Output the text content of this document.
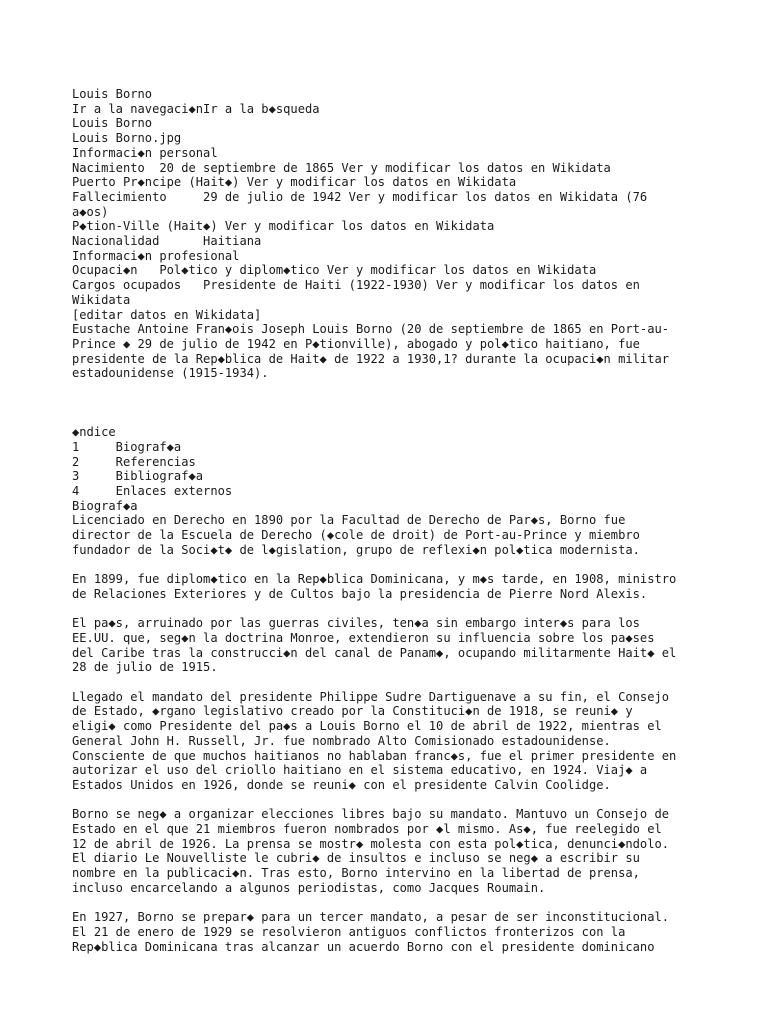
Louis Borno

Ir a la navegaci◆nIr a la b◆squeda

Louis Borno

Louis Borno.jpg

Informaci◆n personal

Nacimiento  20 de septiembre de 1865 Ver y modificar los datos en Wikidata

Puerto Pr◆ncipe (Hait◆) Ver y modificar los datos en Wikidata

Fallecimiento     29 de julio de 1942 Ver y modificar los datos en Wikidata (76

a◆os)

P◆tion-Ville (Hait◆) Ver y modificar los datos en Wikidata

Nacionalidad      Haitiana

Informaci◆n profesional

Ocupaci◆n   Pol◆tico y diplom◆tico Ver y modificar los datos en Wikidata

Cargos ocupados   Presidente de Haiti (1922-1930) Ver y modificar los datos en

Wikidata

[editar datos en Wikidata]

Eustache Antoine Fran◆ois Joseph Louis Borno (20 de septiembre de 1865 en Port-au-

Prince ◆ 29 de julio de 1942 en P◆tionville), abogado y pol◆tico haitiano, fue

presidente de la Rep◆blica de Hait◆ de 1922 a 1930,1? durante la ocupaci◆n militar

estadounidense (1915-1934).

◆ndice

1     Biograf◆a

2     Referencias

3     Bibliograf◆a

4     Enlaces externos

Biograf◆a

Licenciado en Derecho en 1890 por la Facultad de Derecho de Par◆s, Borno fue

director de la Escuela de Derecho (◆cole de droit) de Port-au-Prince y miembro

fundador de la Soci◆t◆ de l◆gislation, grupo de reflexi◆n pol◆tica modernista.

En 1899, fue diplom◆tico en la Rep◆blica Dominicana, y m◆s tarde, en 1908, ministro

de Relaciones Exteriores y de Cultos bajo la presidencia de Pierre Nord Alexis.

El pa◆s, arruinado por las guerras civiles, ten◆a sin embargo inter◆s para los

EE.UU. que, seg◆n la doctrina Monroe, extendieron su influencia sobre los pa◆ses

del Caribe tras la construcci◆n del canal de Panam◆, ocupando militarmente Hait◆ el

28 de julio de 1915.

Llegado el mandato del presidente Philippe Sudre Dartiguenave a su fin, el Consejo

de Estado, ◆rgano legislativo creado por la Constituci◆n de 1918, se reuni◆ y

eligi◆ como Presidente del pa◆s a Louis Borno el 10 de abril de 1922, mientras el

General John H. Russell, Jr. fue nombrado Alto Comisionado estadounidense.

Consciente de que muchos haitianos no hablaban franc◆s, fue el primer presidente en

autorizar el uso del criollo haitiano en el sistema educativo, en 1924. Viaj◆ a

Estados Unidos en 1926, donde se reuni◆ con el presidente Calvin Coolidge.

Borno se neg◆ a organizar elecciones libres bajo su mandato. Mantuvo un Consejo de

Estado en el que 21 miembros fueron nombrados por ◆l mismo. As◆, fue reelegido el

12 de abril de 1926. La prensa se mostr◆ molesta con esta pol◆tica, denunci◆ndolo.

El diario Le Nouvelliste le cubri◆ de insultos e incluso se neg◆ a escribir su

nombre en la publicaci◆n. Tras esto, Borno intervino en la libertad de prensa,

incluso encarcelando a algunos periodistas, como Jacques Roumain.

En 1927, Borno se prepar◆ para un tercer mandato, a pesar de ser inconstitucional.

El 21 de enero de 1929 se resolvieron antiguos conflictos fronterizos con la

Rep◆blica Dominicana tras alcanzar un acuerdo Borno con el presidente dominicano
